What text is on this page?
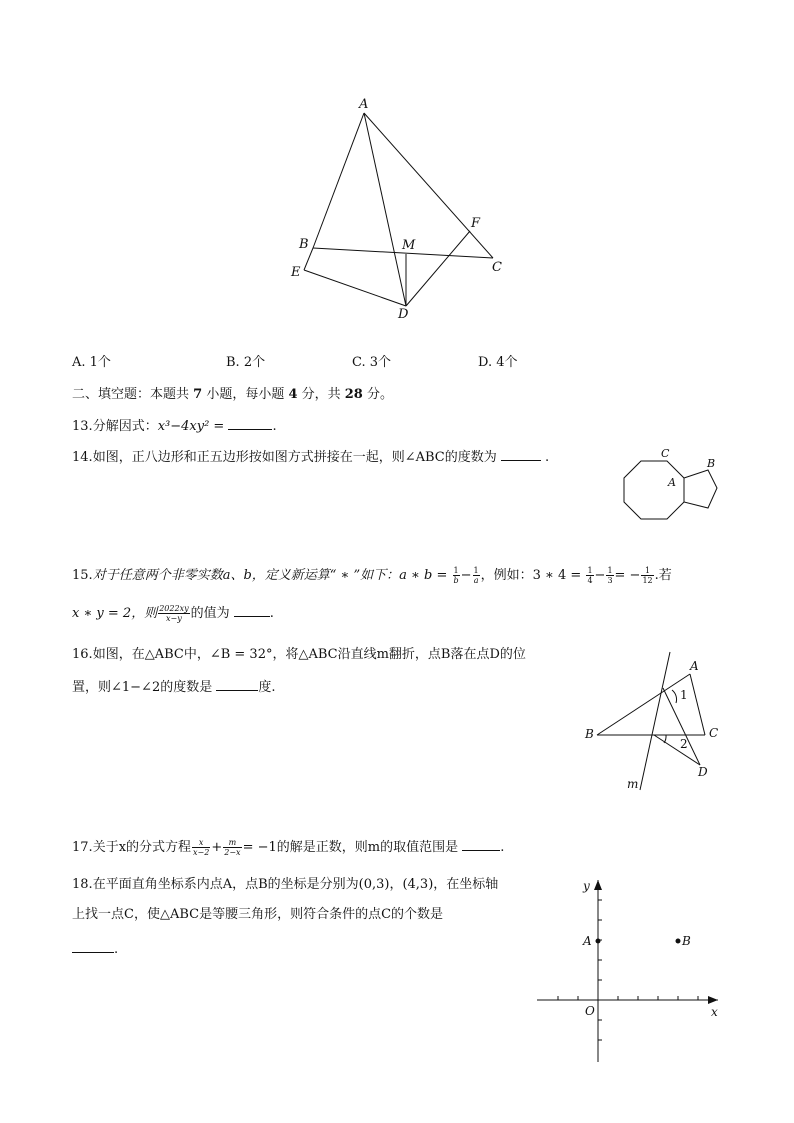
A
B
C
D
E
F
M
A. 1个	B. 2个	C. 3个	D. 4个
二、填空题：本题共 7 小题，每小题 4 分，共 28 分。
13.分解因式：x³−4xy² =	.
14.如图，正八边形和正五边形按如图方式拼接在一起，则∠ABC的度数为	.	C
B
A
15.对于任意两个非零实数a、b，定义新运算“ ∗ ”如下：a ∗ $b = \frac{1}{b} - \frac{1}{a}$ ，例如：3 ∗ $4 = \frac{1}{4} - \frac{1}{3}$ = − $\frac{1}{12}$ .若
x ∗ y = 2，则 $\frac{2022xy}{x-y}$ 的值为	.
16.如图，在△ABC中，∠B = 32°，将△ABC沿直线m翻折，点B落在点D的位
置，则∠1−∠2的度数是	度.
A
B	C
D
m
1
2
17.关于x的分式方程 $\frac{x}{x-2} + \frac{m}{2-x} = -1$的解是正数，则m的取值范围是	.
18.在平面直角坐标系内点A，点B的坐标是分别为(0,3)，(4,3)，在坐标轴
上找一点C，使△ABC是等腰三角形，则符合条件的点C的个数是
.
y
x
O
A	B
